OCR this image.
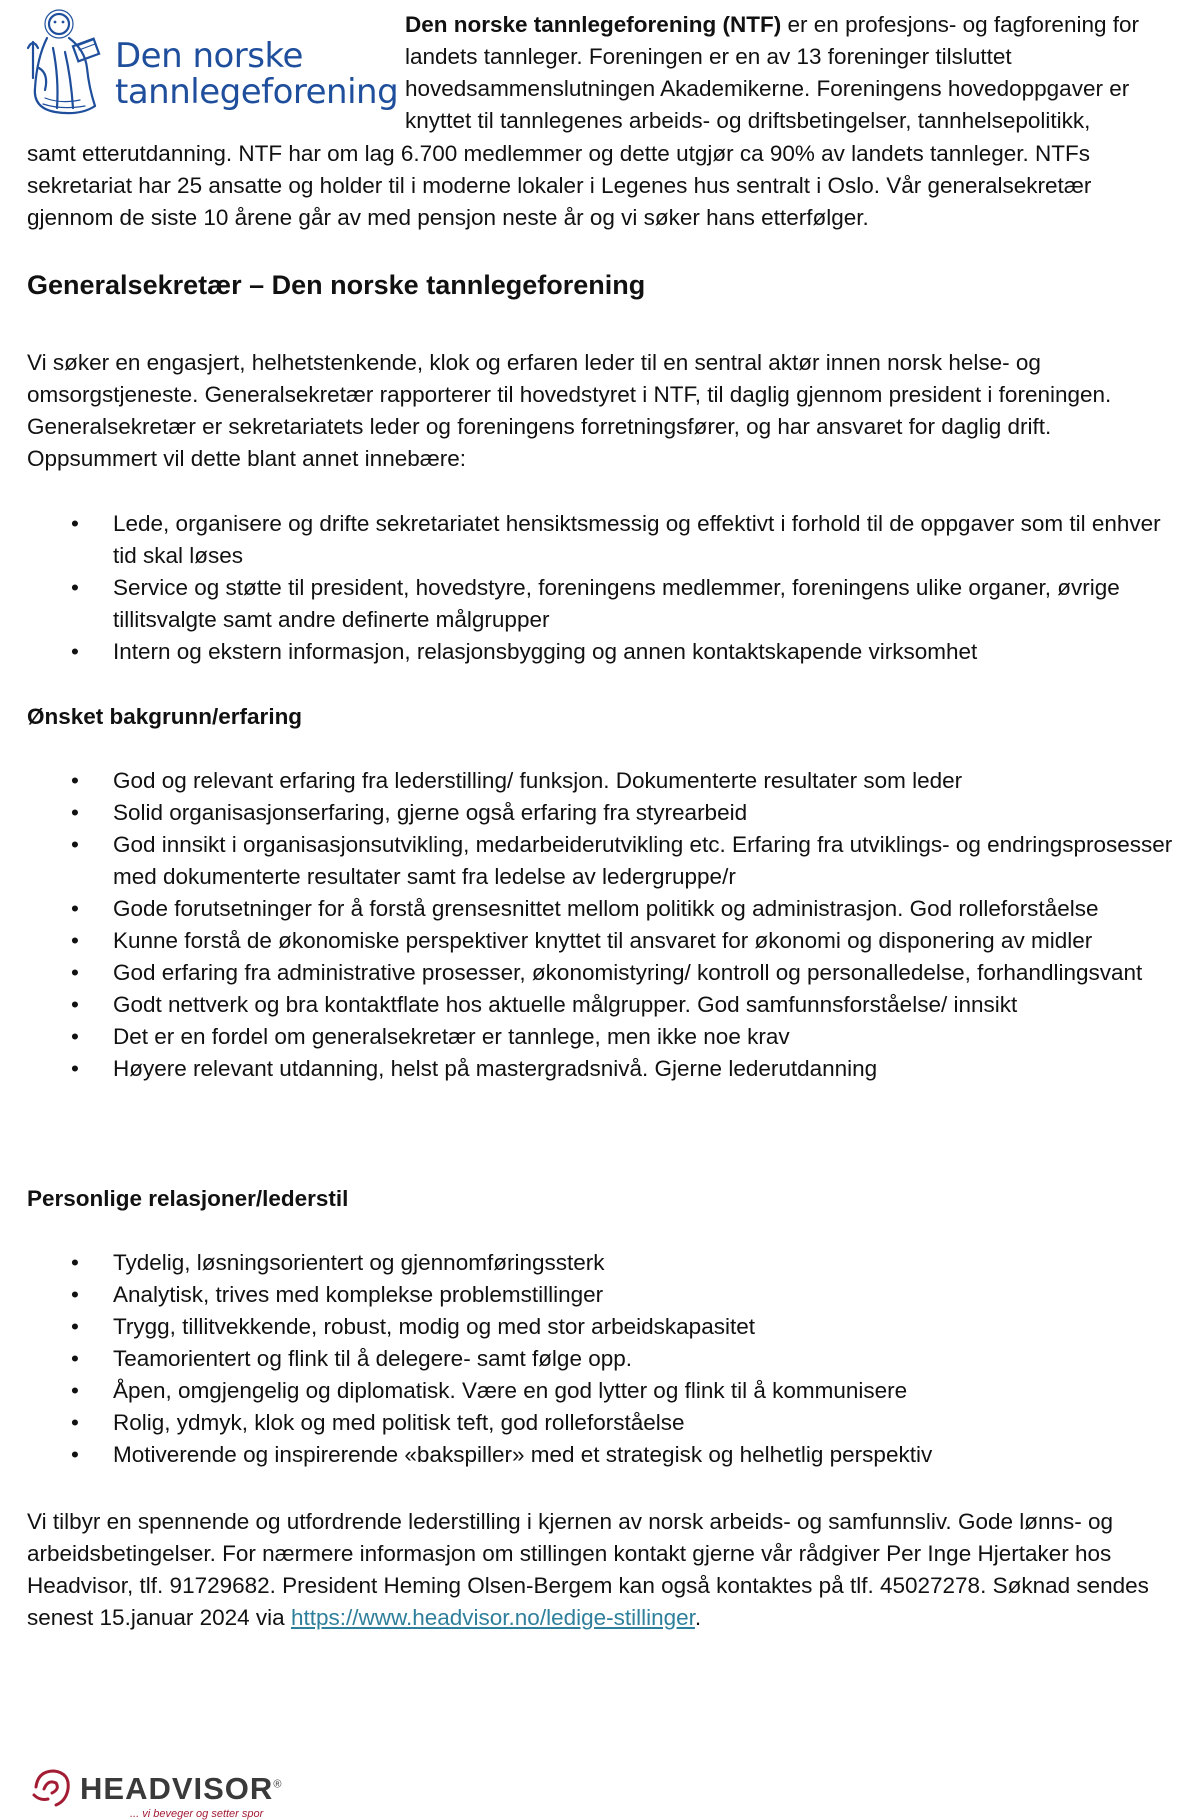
Den norske
tannlegeforening
Den norske tannlegeforening (NTF) er en profesjons- og fagforening for landets tannleger. Foreningen er en av 13 foreninger tilsluttet hovedsammenslutningen Akademikerne. Foreningens hovedoppgaver er knyttet til tannlegenes arbeids- og driftsbetingelser, tannhelsepolitikk,
samt etterutdanning. NTF har om lag 6.700 medlemmer og dette utgjør ca 90% av landets tannleger. NTFs sekretariat har 25 ansatte og holder til i moderne lokaler i Legenes hus sentralt i Oslo. Vår generalsekretær gjennom de siste 10 årene går av med pensjon neste år og vi søker hans etterfølger.
Generalsekretær – Den norske tannlegeforening
Vi søker en engasjert, helhetstenkende, klok og erfaren leder til en sentral aktør innen norsk helse- og omsorgstjeneste. Generalsekretær rapporterer til hovedstyret i NTF, til daglig gjennom president i foreningen. Generalsekretær er sekretariatets leder og foreningens forretningsfører, og har ansvaret for daglig drift. Oppsummert vil dette blant annet innebære:
• Lede, organisere og drifte sekretariatet hensiktsmessig og effektivt i forhold til de oppgaver som til enhver tid skal løses
• Service og støtte til president, hovedstyre, foreningens medlemmer, foreningens ulike organer, øvrige tillitsvalgte samt andre definerte målgrupper
• Intern og ekstern informasjon, relasjonsbygging og annen kontaktskapende virksomhet
Ønsket bakgrunn/erfaring
• God og relevant erfaring fra lederstilling/ funksjon. Dokumenterte resultater som leder
• Solid organisasjonserfaring, gjerne også erfaring fra styrearbeid
• God innsikt i organisasjonsutvikling, medarbeiderutvikling etc. Erfaring fra utviklings- og endringsprosesser med dokumenterte resultater samt fra ledelse av ledergruppe/r
• Gode forutsetninger for å forstå grensesnittet mellom politikk og administrasjon. God rolleforståelse
• Kunne forstå de økonomiske perspektiver knyttet til ansvaret for økonomi og disponering av midler
• God erfaring fra administrative prosesser, økonomistyring/ kontroll og personalledelse, forhandlingsvant
• Godt nettverk og bra kontaktflate hos aktuelle målgrupper. God samfunnsforståelse/ innsikt
• Det er en fordel om generalsekretær er tannlege, men ikke noe krav
• Høyere relevant utdanning, helst på mastergradsnivå. Gjerne lederutdanning
Personlige relasjoner/lederstil
• Tydelig, løsningsorientert og gjennomføringssterk
• Analytisk, trives med komplekse problemstillinger
• Trygg, tillitvekkende, robust, modig og med stor arbeidskapasitet
• Teamorientert og flink til å delegere- samt følge opp.
• Åpen, omgjengelig og diplomatisk. Være en god lytter og flink til å kommunisere
• Rolig, ydmyk, klok og med politisk teft, god rolleforståelse
• Motiverende og inspirerende «bakspiller» med et strategisk og helhetlig perspektiv
Vi tilbyr en spennende og utfordrende lederstilling i kjernen av norsk arbeids- og samfunnsliv. Gode lønns- og arbeidsbetingelser. For nærmere informasjon om stillingen kontakt gjerne vår rådgiver Per Inge Hjertaker hos Headvisor, tlf. 91729682. President Heming Olsen-Bergem kan også kontaktes på tlf. 45027278. Søknad sendes senest 15.januar 2024 via https://www.headvisor.no/ledige-stillinger.
HEADVISOR®
... vi beveger og setter spor
